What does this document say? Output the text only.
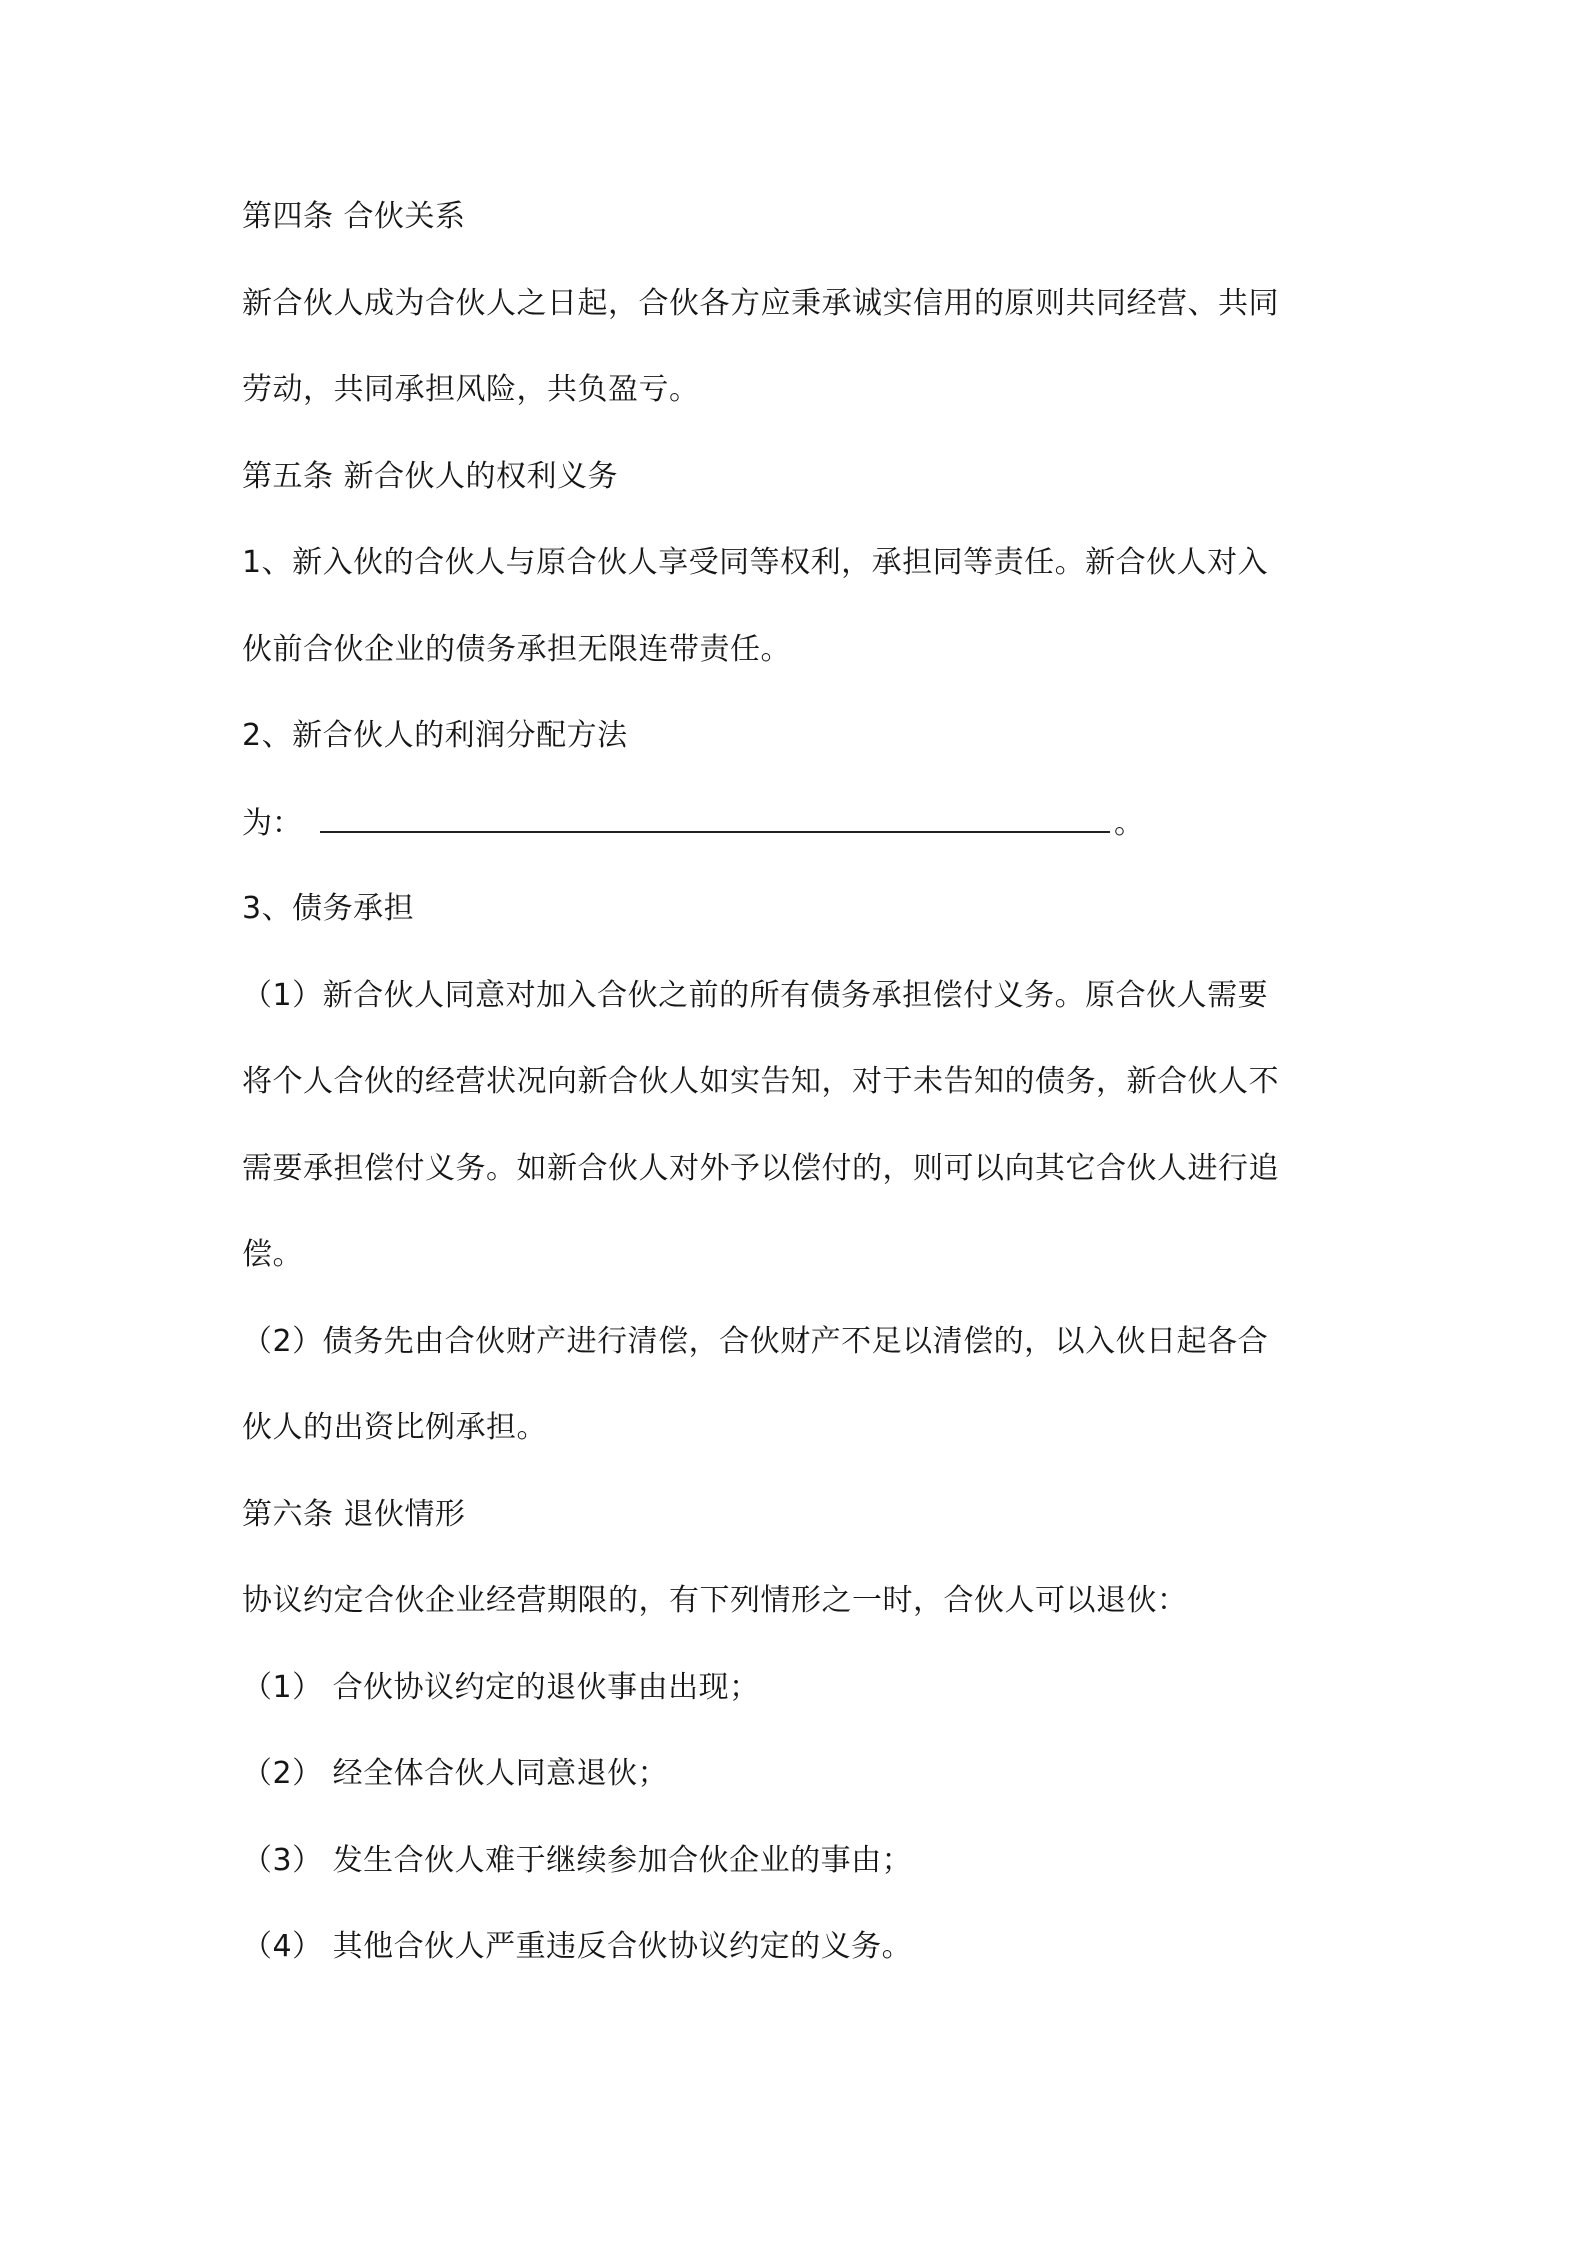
第四条 合伙关系
新合伙人成为合伙人之日起，合伙各方应秉承诚实信用的原则共同经营、共同
劳动，共同承担风险，共负盈亏。
第五条 新合伙人的权利义务
1、新入伙的合伙人与原合伙人享受同等权利，承担同等责任。新合伙人对入
伙前合伙企业的债务承担无限连带责任。
2、新合伙人的利润分配方法
为：	。
3、债务承担
（1）新合伙人同意对加入合伙之前的所有债务承担偿付义务。原合伙人需要
将个人合伙的经营状况向新合伙人如实告知，对于未告知的债务，新合伙人不
需要承担偿付义务。如新合伙人对外予以偿付的，则可以向其它合伙人进行追
偿。
（2）债务先由合伙财产进行清偿，合伙财产不足以清偿的，以入伙日起各合
伙人的出资比例承担。
第六条 退伙情形
协议约定合伙企业经营期限的，有下列情形之一时，合伙人可以退伙：
（1） 合伙协议约定的退伙事由出现；
（2） 经全体合伙人同意退伙；
（3） 发生合伙人难于继续参加合伙企业的事由；
（4） 其他合伙人严重违反合伙协议约定的义务。
